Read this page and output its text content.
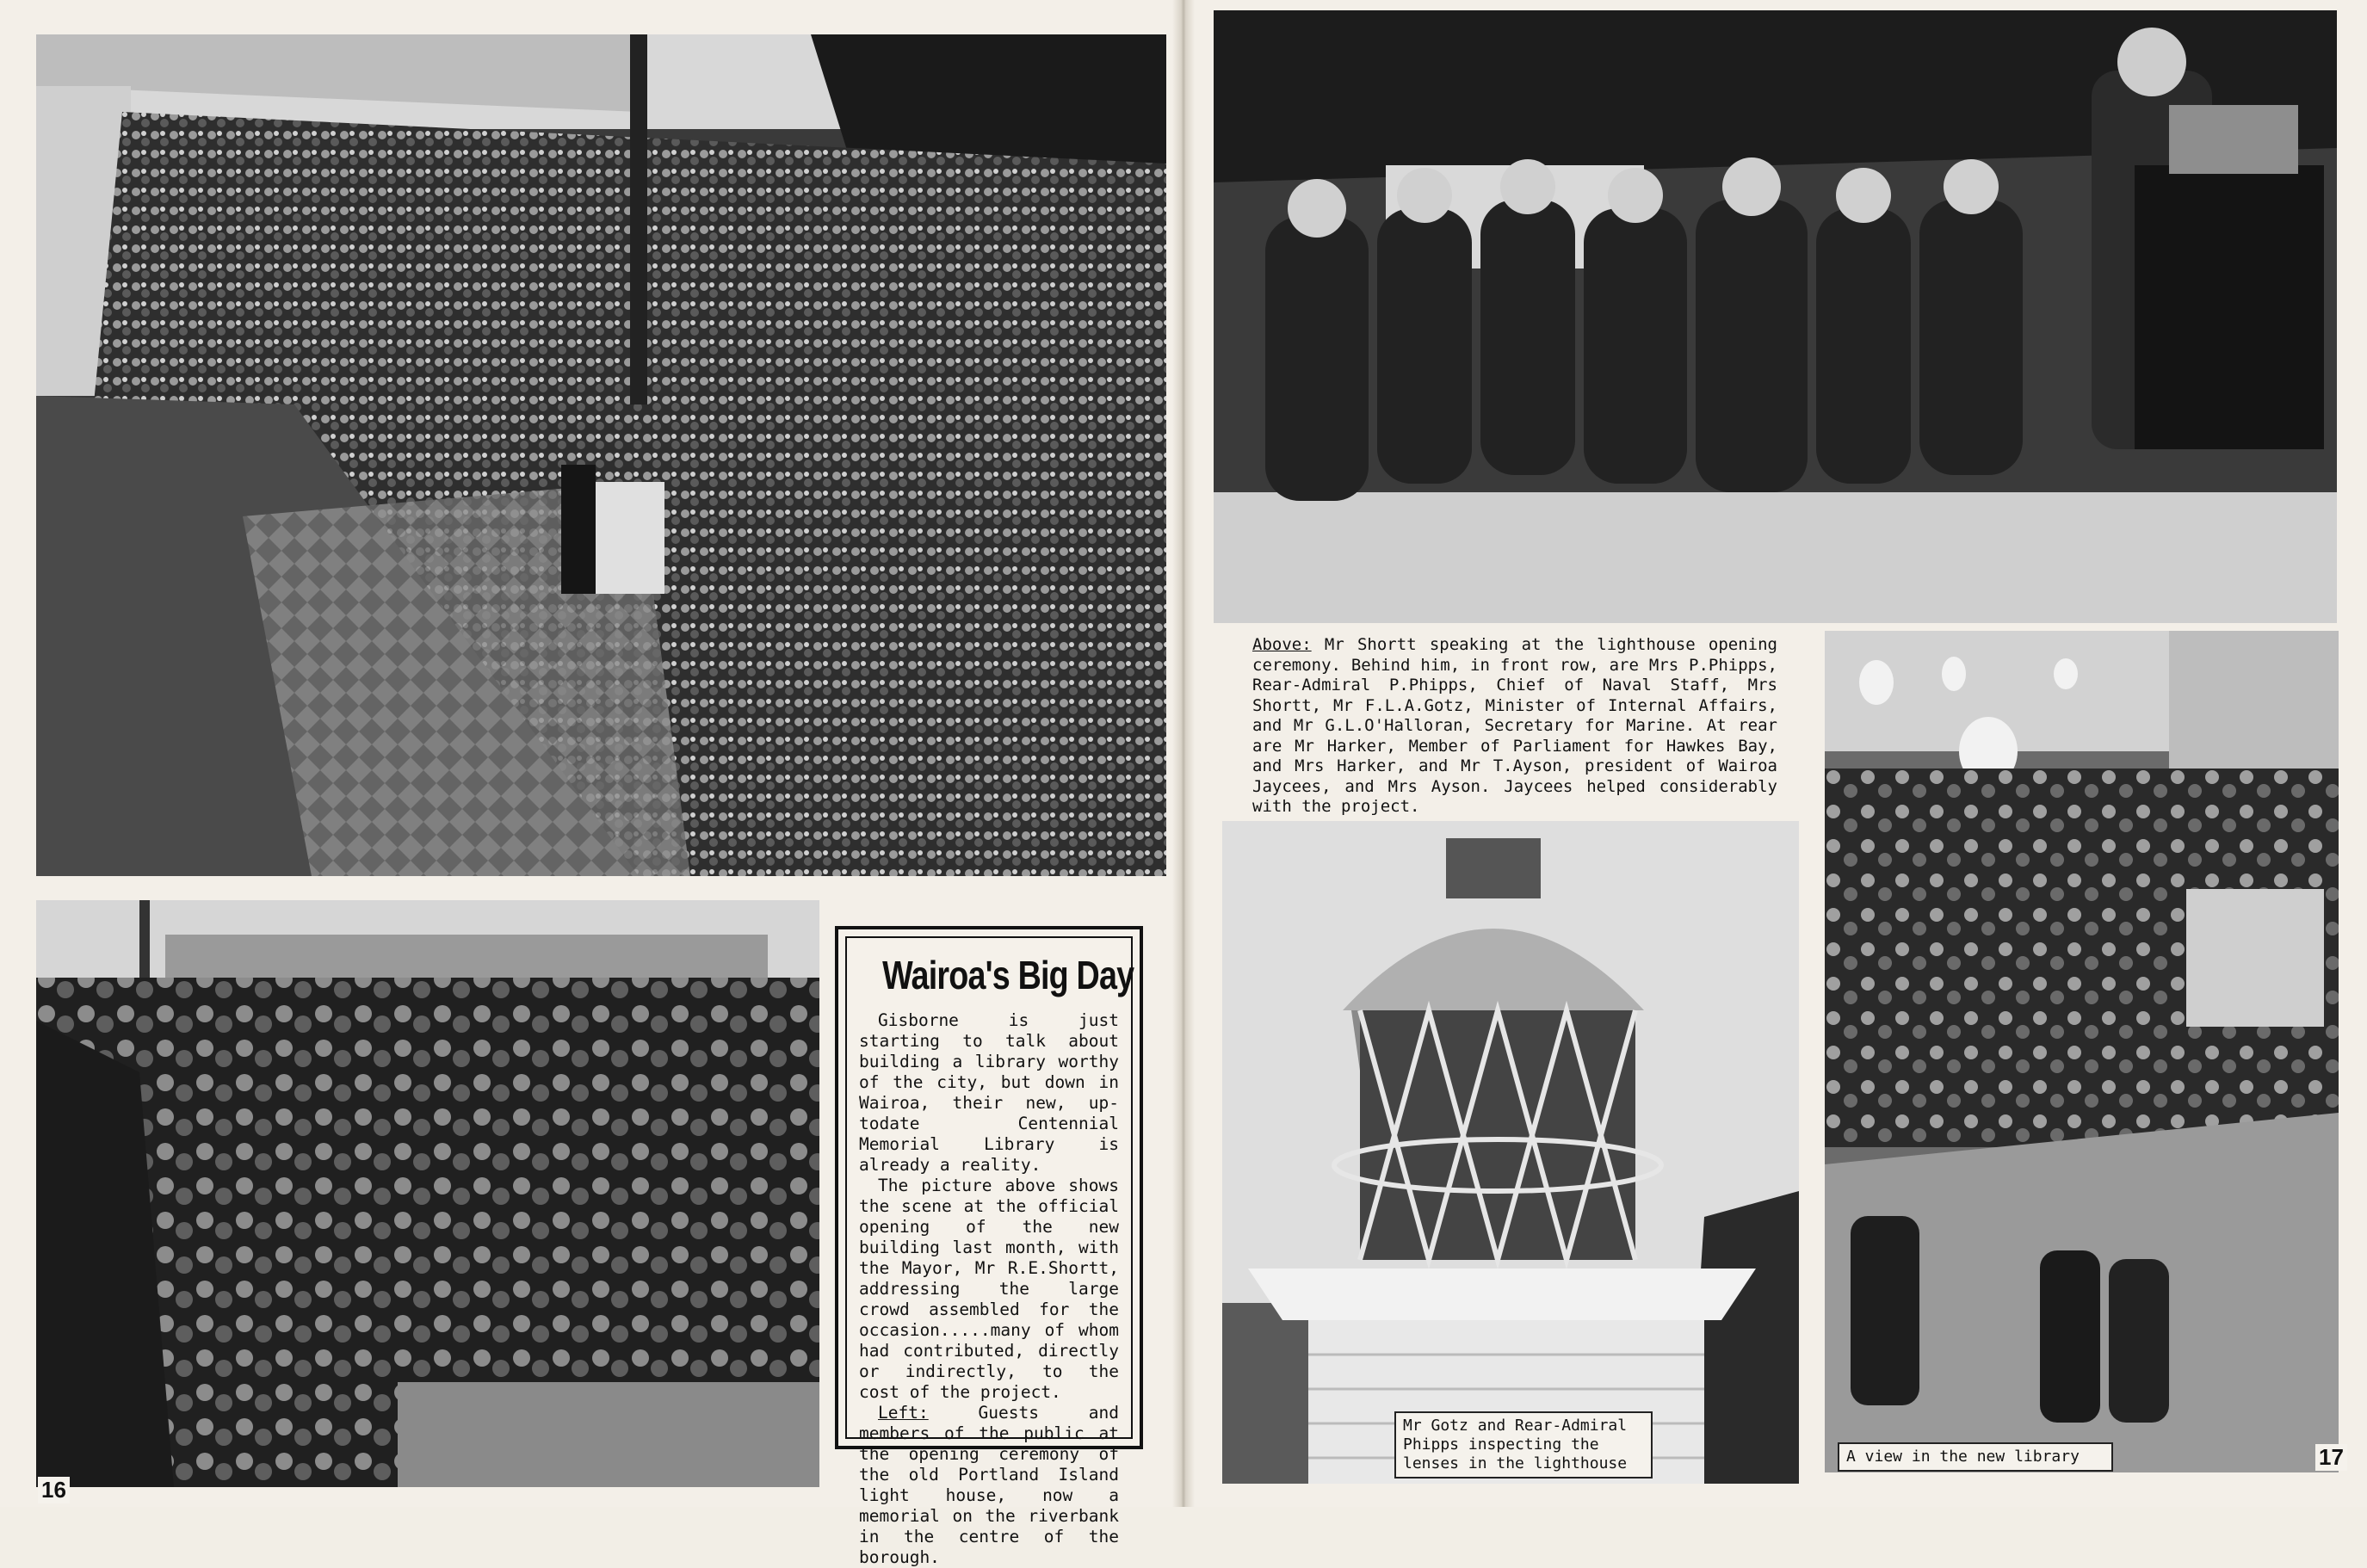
Wairoa's Big Day

Gisborne is just starting to talk about building a library worthy of the city, but down in Wairoa, their new, up-todate Centennial Memorial Library is already a reality.

The picture above shows the scene at the official opening of the new building last month, with the Mayor, Mr R.E.Shortt, addressing the large crowd assembled for the occasion.....many of whom had contributed, directly or indirectly, to the cost of the project.

Left: Guests and members of the public at the opening ceremony of the old Portland Island light house, now a memorial on the riverbank in the centre of the borough.

16
Above: Mr Shortt speaking at the lighthouse opening ceremony. Behind him, in front row, are Mrs P.Phipps, Rear-Admiral P.Phipps, Chief of Naval Staff, Mrs Shortt, Mr F.L.A.Gotz, Minister of Internal Affairs, and Mr G.L.O'Halloran, Secretary for Marine. At rear are Mr Harker, Member of Parliament for Hawkes Bay, and Mrs Harker, and Mr T.Ayson, president of Wairoa Jaycees, and Mrs Ayson. Jaycees helped considerably with the project.
Mr Gotz and Rear-Admiral Phipps inspecting the lenses in the lighthouse	A view in the new library	17
